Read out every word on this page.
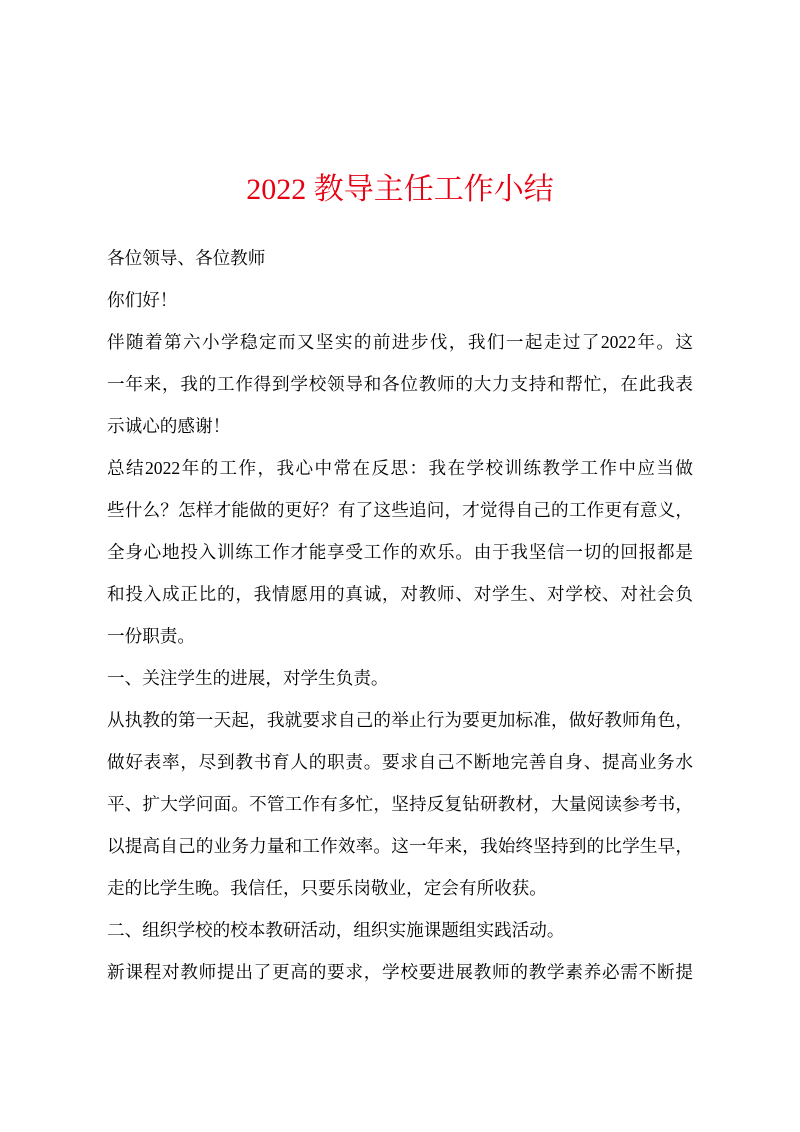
2022 教导主任工作小结
各位领导、各位教师
你们好！
伴随着第六小学稳定而又坚实的前进步伐，我们一起走过了2022年。这
一年来，我的工作得到学校领导和各位教师的大力支持和帮忙，在此我表
示诚心的感谢！
总结2022年的工作，我心中常在反思：我在学校训练教学工作中应当做
些什么？怎样才能做的更好？有了这些追问，才觉得自己的工作更有意义，
全身心地投入训练工作才能享受工作的欢乐。由于我坚信一切的回报都是
和投入成正比的，我情愿用的真诚，对教师、对学生、对学校、对社会负
一份职责。
一、关注学生的进展，对学生负责。
从执教的第一天起，我就要求自己的举止行为要更加标准，做好教师角色，
做好表率，尽到教书育人的职责。要求自己不断地完善自身、提高业务水
平、扩大学问面。不管工作有多忙，坚持反复钻研教材，大量阅读参考书，
以提高自己的业务力量和工作效率。这一年来，我始终坚持到的比学生早，
走的比学生晚。我信任，只要乐岗敬业，定会有所收获。
二、组织学校的校本教研活动，组织实施课题组实践活动。
新课程对教师提出了更高的要求，学校要进展教师的教学素养必需不断提
